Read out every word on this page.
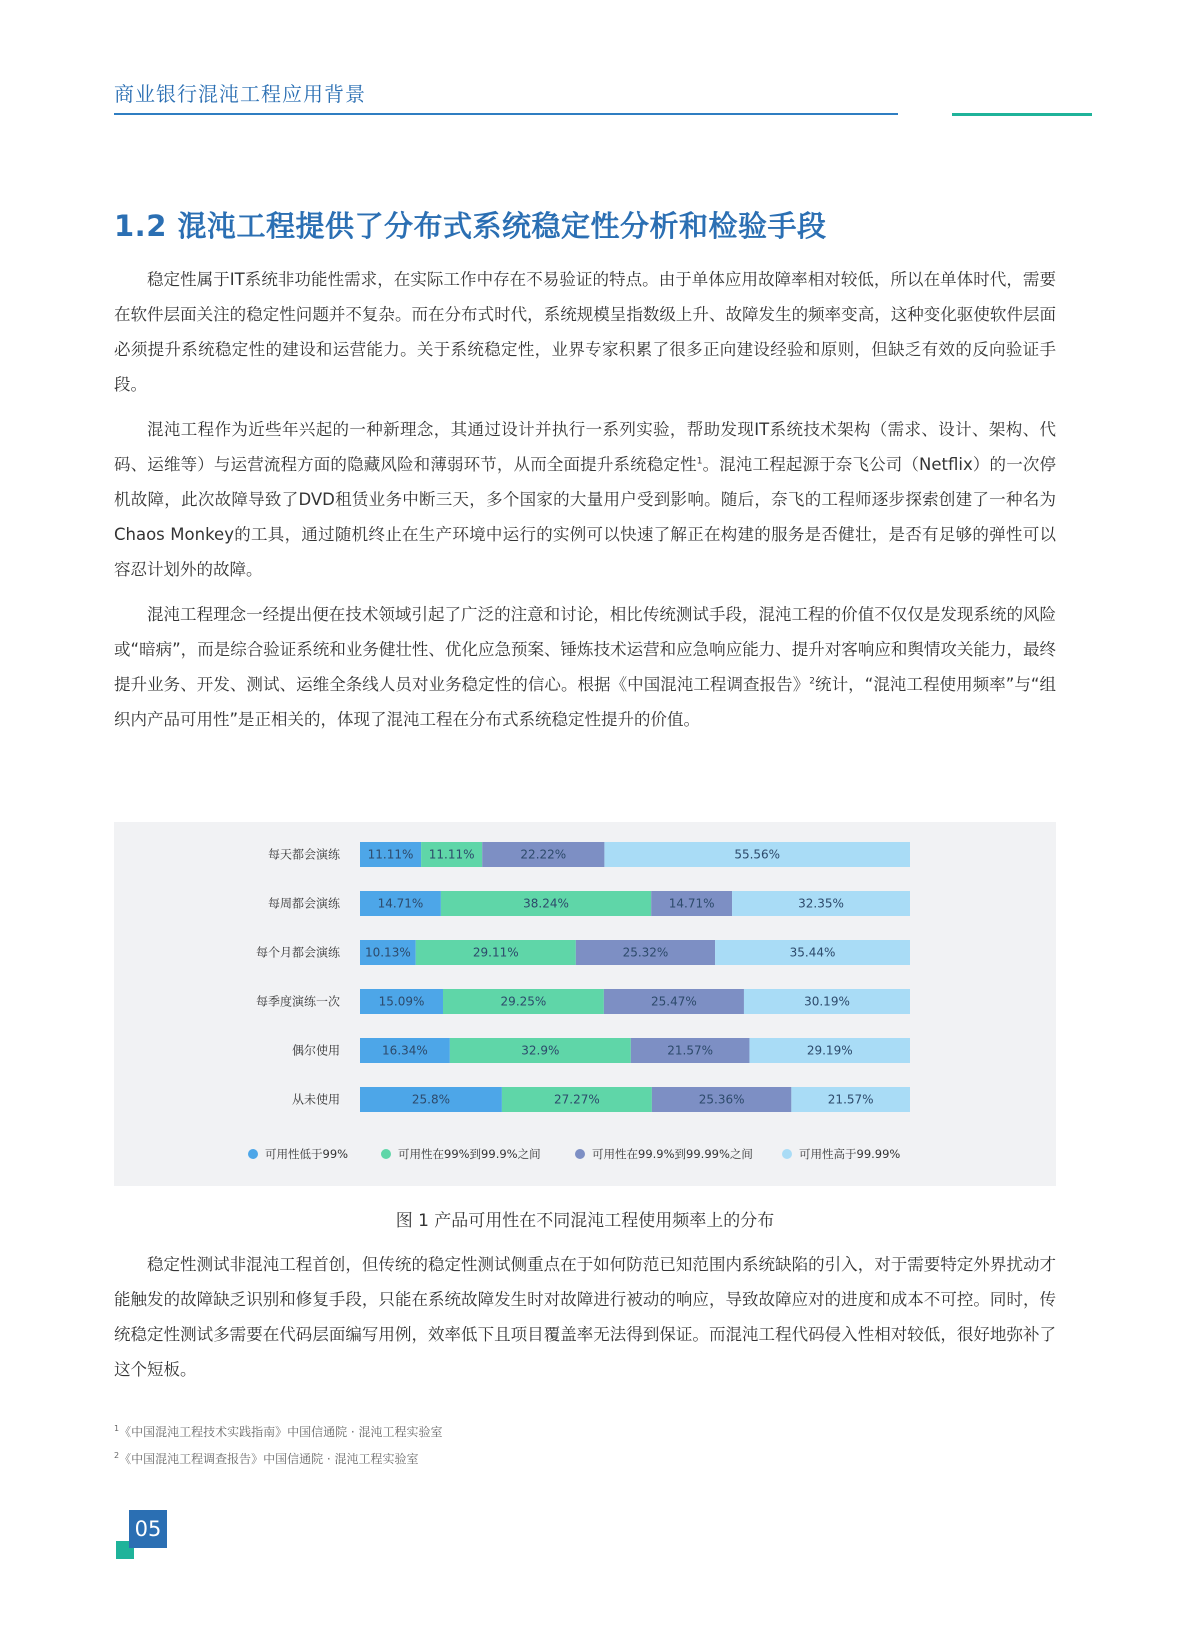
商业银行混沌工程应用背景
1.2 混沌工程提供了分布式系统稳定性分析和检验手段

稳定性属于IT系统非功能性需求，在实际工作中存在不易验证的特点。由于单体应用故障率相对较低，所以在单体时代，需要在软件层面关注的稳定性问题并不复杂。而在分布式时代，系统规模呈指数级上升、故障发生的频率变高，这种变化驱使软件层面必须提升系统稳定性的建设和运营能力。关于系统稳定性，业界专家积累了很多正向建设经验和原则，但缺乏有效的反向验证手段。

混沌工程作为近些年兴起的一种新理念，其通过设计并执行一系列实验，帮助发现IT系统技术架构（需求、设计、架构、代码、运维等）与运营流程方面的隐藏风险和薄弱环节，从而全面提升系统稳定性$^1$。混沌工程起源于奈飞公司（Netflix）的一次停机故障，此次故障导致了DVD租赁业务中断三天，多个国家的大量用户受到影响。随后，奈飞的工程师逐步探索创建了一种名为Chaos Monkey的工具，通过随机终止在生产环境中运行的实例可以快速了解正在构建的服务是否健壮，是否有足够的弹性可以容忍计划外的故障。

混沌工程理念一经提出便在技术领域引起了广泛的注意和讨论，相比传统测试手段，混沌工程的价值不仅仅是发现系统的风险或“暗病”，而是综合验证系统和业务健壮性、优化应急预案、锤炼技术运营和应急响应能力、提升对客响应和舆情攻关能力，最终提升业务、开发、测试、运维全条线人员对业务稳定性的信心。根据《中国混沌工程调查报告》$^2$统计，“混沌工程使用频率”与“组织内产品可用性”是正相关的，体现了混沌工程在分布式系统稳定性提升的价值。

每天都会演练 11.11% 11.11%	22.22%	55.56%
每周都会演练	14.71%	38.24%	14.71%	32.35%
每个月都会演练 10.13%	29.11%	25.32%	35.44%
每季度演练一次	15.09%	29.25%	25.47%	30.19%
偶尔使用	16.34%	32.9%	21.57%	29.19%
从未使用	25.8%	27.27%	25.36%	21.57%
可用性低于99%	可用性在99%到99.9%之间	可用性在99.9%到99.99%之间	可用性高于99.99%
图 1 产品可用性在不同混沌工程使用频率上的分布

稳定性测试非混沌工程首创，但传统的稳定性测试侧重点在于如何防范已知范围内系统缺陷的引入，对于需要特定外界扰动才能触发的故障缺乏识别和修复手段，只能在系统故障发生时对故障进行被动的响应，导致故障应对的进度和成本不可控。同时，传统稳定性测试多需要在代码层面编写用例，效率低下且项目覆盖率无法得到保证。而混沌工程代码侵入性相对较低，很好地弥补了这个短板。

$^1$《中国混沌工程技术实践指南》中国信通院 · 混沌工程实验室
$^2$《中国混沌工程调查报告》中国信通院 · 混沌工程实验室
05
